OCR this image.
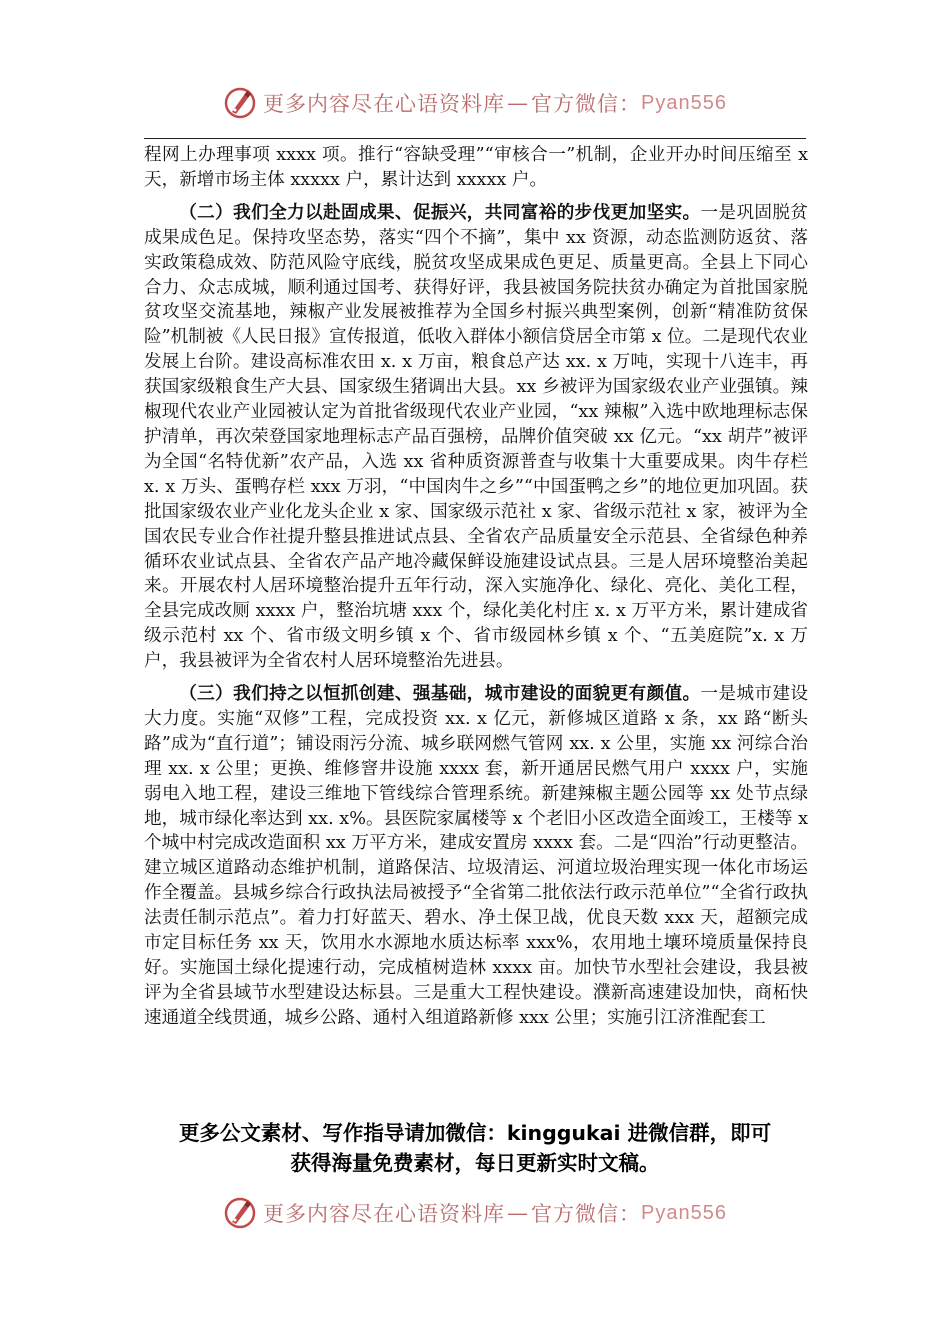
更多内容尽在心语资料库 — 官方微信： Pyan556

程网上办理事项 xxxx 项。推行“容缺受理”“审核合一”机制，企业开办时间压缩至 x 天，新增市场主体 xxxxx 户，累计达到 xxxxx 户。

（二）我们全力以赴固成果、促振兴，共同富裕的步伐更加坚实。一是巩固脱贫成果成色足。保持攻坚态势，落实“四个不摘”，集中 xx 资源，动态监测防返贫、落实政策稳成效、防范风险守底线，脱贫攻坚成果成色更足、质量更高。全县上下同心合力、众志成城，顺利通过国考、获得好评，我县被国务院扶贫办确定为首批国家脱贫攻坚交流基地，辣椒产业发展被推荐为全国乡村振兴典型案例，创新“精准防贫保险”机制被《人民日报》宣传报道，低收入群体小额信贷居全市第 x 位。二是现代农业发展上台阶。建设高标准农田 x. x 万亩，粮食总产达 xx. x 万吨，实现十八连丰，再获国家级粮食生产大县、国家级生猪调出大县。xx 乡被评为国家级农业产业强镇。辣椒现代农业产业园被认定为首批省级现代农业产业园，“xx 辣椒”入选中欧地理标志保护清单，再次荣登国家地理标志产品百强榜，品牌价值突破 xx 亿元。“xx 胡芹”被评为全国“名特优新”农产品，入选 xx 省种质资源普查与收集十大重要成果。肉牛存栏 x. x 万头、蛋鸭存栏 xxx 万羽，“中国肉牛之乡”“中国蛋鸭之乡”的地位更加巩固。获批国家级农业产业化龙头企业 x 家、国家级示范社 x 家、省级示范社 x 家，被评为全国农民专业合作社提升整县推进试点县、全省农产品质量安全示范县、全省绿色种养循环农业试点县、全省农产品产地冷藏保鲜设施建设试点县。三是人居环境整治美起来。开展农村人居环境整治提升五年行动，深入实施净化、绿化、亮化、美化工程，全县完成改厕 xxxx 户，整治坑塘 xxx 个，绿化美化村庄 x. x 万平方米，累计建成省级示范村 xx 个、省市级文明乡镇 x 个、省市级园林乡镇 x 个、“五美庭院”x. x 万户，我县被评为全省农村人居环境整治先进县。

（三）我们持之以恒抓创建、强基础，城市建设的面貌更有颜值。一是城市建设大力度。实施“双修”工程，完成投资 xx. x 亿元，新修城区道路 x 条，xx 路“断头路”成为“直行道”；铺设雨污分流、城乡联网燃气管网 xx. x 公里，实施 xx 河综合治理 xx. x 公里；更换、维修窨井设施 xxxx 套，新开通居民燃气用户 xxxx 户，实施弱电入地工程，建设三维地下管线综合管理系统。新建辣椒主题公园等 xx 处节点绿地，城市绿化率达到 xx. x%。县医院家属楼等 x 个老旧小区改造全面竣工，王楼等 x 个城中村完成改造面积 xx 万平方米，建成安置房 xxxx 套。二是“四治”行动更整洁。建立城区道路动态维护机制，道路保洁、垃圾清运、河道垃圾治理实现一体化市场运作全覆盖。县城乡综合行政执法局被授予“全省第二批依法行政示范单位”“全省行政执法责任制示范点”。着力打好蓝天、碧水、净土保卫战，优良天数 xxx 天，超额完成市定目标任务 xx 天，饮用水水源地水质达标率 xxx%，农用地土壤环境质量保持良好。实施国土绿化提速行动，完成植树造林 xxxx 亩。加快节水型社会建设，我县被评为全省县域节水型建设达标县。三是重大工程快建设。濮新高速建设加快，商柘快速通道全线贯通，城乡公路、通村入组道路新修 xxx 公里；实施引江济淮配套工

更多公文素材、写作指导请加微信：kinggukai 进微信群，即可
获得海量免费素材，每日更新实时文稿。
更多内容尽在心语资料库 — 官方微信： Pyan556
